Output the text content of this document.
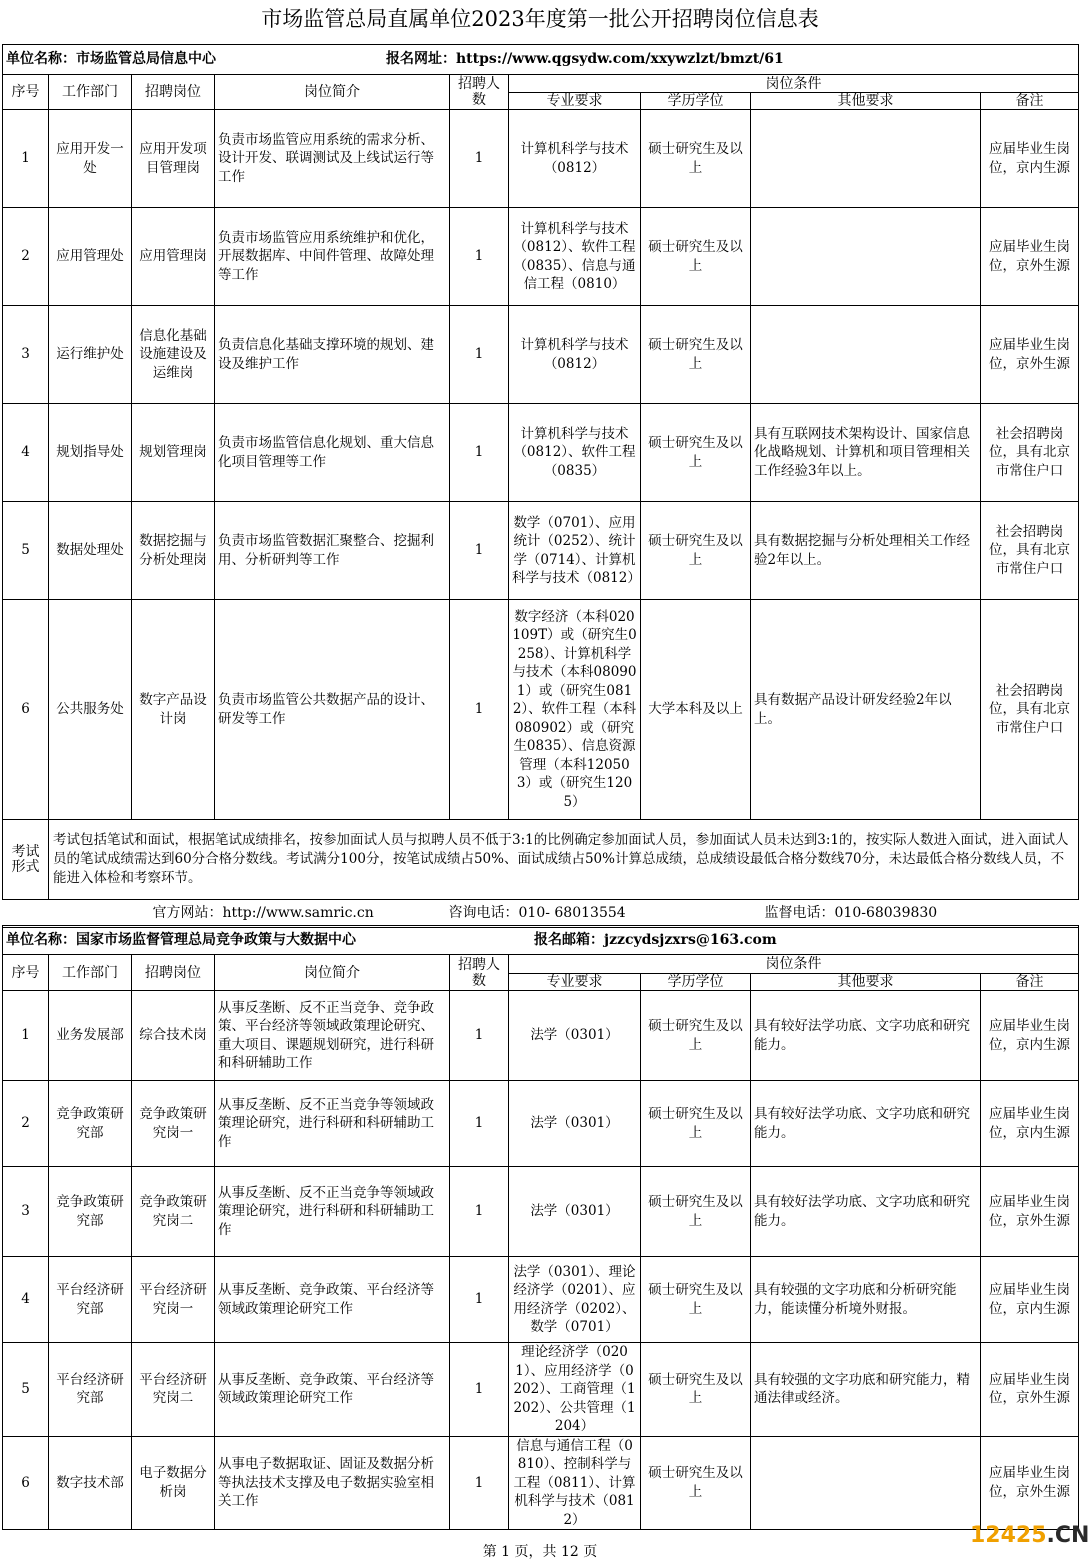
市场监管总局直属单位2023年度第一批公开招聘岗位信息表
单位名称：市场监管总局信息中心 报名网址：https://www.qgsydw.com/xxywzlzt/bmzt/61								
序号	工作部门	招聘岗位	岗位简介	招聘人数	岗位条件			
					专业要求	学历学位	其他要求	备注
1	应用开发一处	应用开发项目管理岗	负责市场监管应用系统的需求分析、设计开发、联调测试及上线试运行等工作	1	计算机科学与技术（0812）	硕士研究生及以上		应届毕业生岗位，京内生源
2	应用管理处	应用管理岗	负责市场监管应用系统维护和优化，开展数据库、中间件管理、故障处理等工作	1	计算机科学与技术（0812）、软件工程（0835）、信息与通信工程（0810）	硕士研究生及以上		应届毕业生岗位，京外生源
3	运行维护处	信息化基础设施建设及运维岗	负责信息化基础支撑环境的规划、建设及维护工作	1	计算机科学与技术（0812）	硕士研究生及以上		应届毕业生岗位，京外生源
4	规划指导处	规划管理岗	负责市场监管信息化规划、重大信息化项目管理等工作	1	计算机科学与技术（0812）、软件工程（0835）	硕士研究生及以上	具有互联网技术架构设计、国家信息化战略规划、计算机和项目管理相关工作经验3年以上。	社会招聘岗位，具有北京市常住户口
5	数据处理处	数据挖掘与分析处理岗	负责市场监管数据汇聚整合、挖掘利用、分析研判等工作	1	数学（0701）、应用统计（0252）、统计学（0714）、计算机科学与技术（0812）	硕士研究生及以上	具有数据挖掘与分析处理相关工作经验2年以上。	社会招聘岗位，具有北京市常住户口
6	公共服务处	数字产品设计岗	负责市场监管公共数据产品的设计、研发等工作	1	数字经济（本科020109T）或（研究生0258）、计算机科学与技术（本科080901）或（研究生0812）、软件工程（本科080902）或（研究生0835）、信息资源管理（本科120503）或（研究生1205）	大学本科及以上	具有数据产品设计研发经验2年以上。	社会招聘岗位，具有北京市常住户口
考试形式	考试包括笔试和面试，根据笔试成绩排名，按参加面试人员与拟聘人员不低于3:1的比例确定参加面试人员，参加面试人员未达到3:1的，按实际人数进入面试，进入面试人员的笔试成绩需达到60分合格分数线。考试满分100分，按笔试成绩占50%、面试成绩占50%计算总成绩，总成绩设最低合格分数线70分，未达最低合格分数线人员，不能进入体检和考察环节。							
官方网站：http://www.samric.cn 咨询电话：010- 68013554 监督电话：010-68039830								
单位名称：国家市场监督管理总局竞争政策与大数据中心 报名邮箱：jzzcydsjzxrs@163.com								
序号	工作部门	招聘岗位	岗位简介	招聘人数	岗位条件			
					专业要求	学历学位	其他要求	备注
1	业务发展部	综合技术岗	从事反垄断、反不正当竞争、竞争政策、平台经济等领域政策理论研究、重大项目、课题规划研究，进行科研和科研辅助工作	1	法学（0301）	硕士研究生及以上	具有较好法学功底、文字功底和研究能力。	应届毕业生岗位，京内生源
2	竞争政策研究部	竞争政策研究岗一	从事反垄断、反不正当竞争等领域政策理论研究，进行科研和科研辅助工作	1	法学（0301）	硕士研究生及以上	具有较好法学功底、文字功底和研究能力。	应届毕业生岗位，京内生源
3	竞争政策研究部	竞争政策研究岗二	从事反垄断、反不正当竞争等领域政策理论研究，进行科研和科研辅助工作	1	法学（0301）	硕士研究生及以上	具有较好法学功底、文字功底和研究能力。	应届毕业生岗位，京外生源
4	平台经济研究部	平台经济研究岗一	从事反垄断、竞争政策、平台经济等领域政策理论研究工作	1	法学（0301）、理论经济学（0201）、应用经济学（0202）、数学（0701）	硕士研究生及以上	具有较强的文字功底和分析研究能力，能读懂分析境外财报。	应届毕业生岗位，京内生源
5	平台经济研究部	平台经济研究岗二	从事反垄断、竞争政策、平台经济等领域政策理论研究工作	1	理论经济学（0201）、应用经济学（0202）、工商管理（1202）、公共管理（1204）	硕士研究生及以上	具有较强的文字功底和研究能力，精通法律或经济。	应届毕业生岗位，京外生源
6	数字技术部	电子数据分析岗	从事电子数据取证、固证及数据分析等执法技术支撑及电子数据实验室相关工作	1	信息与通信工程（0810）、控制科学与工程（0811）、计算机科学与技术（0812）	硕士研究生及以上		应届毕业生岗位，京外生源
第 1 页，共 12 页
12425.CN
